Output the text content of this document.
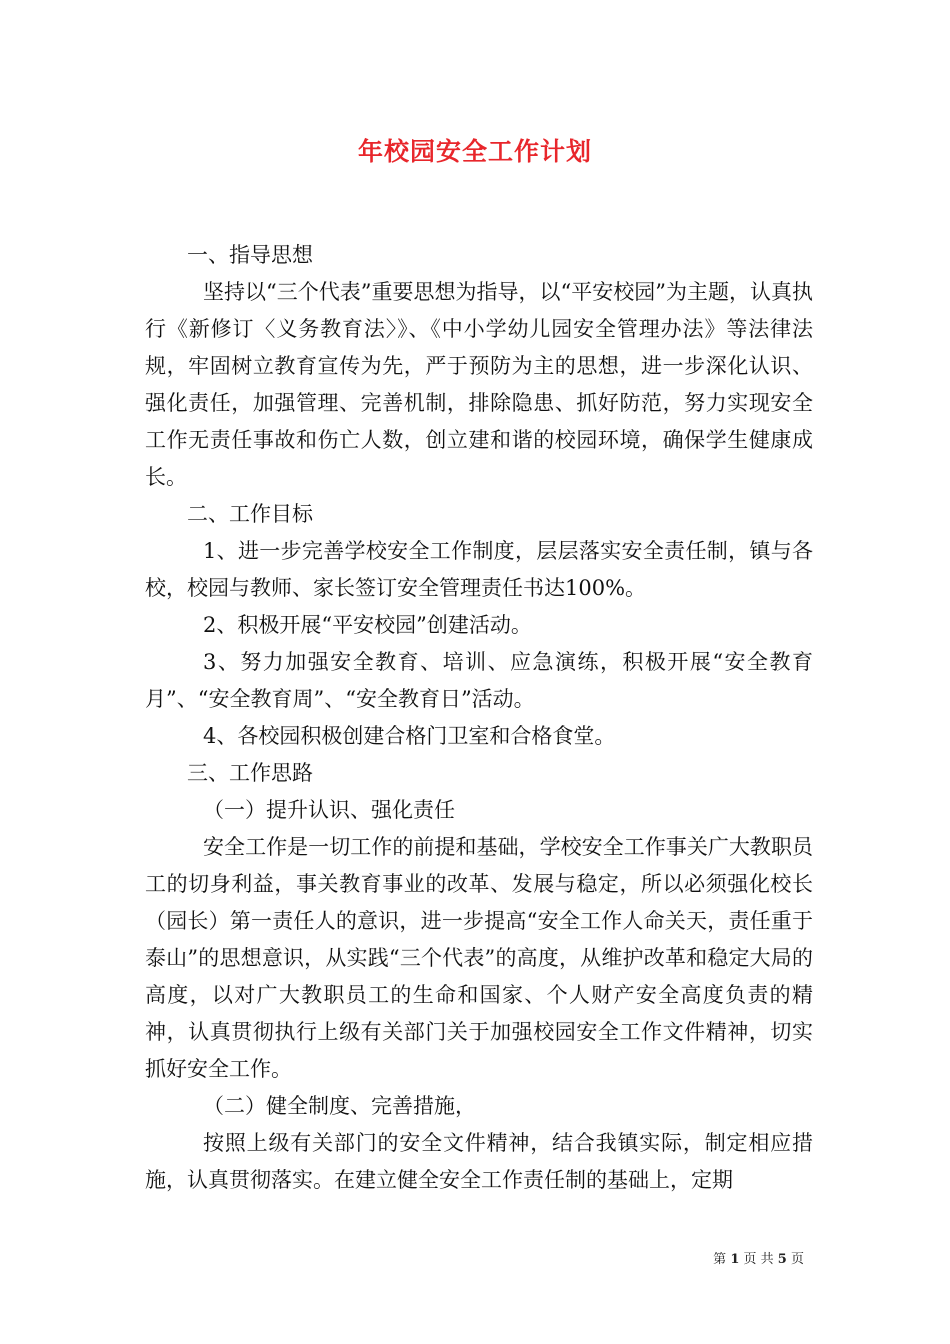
年校园安全工作计划

一、指导思想

坚持以“三个代表”重要思想为指导，以“平安校园”为主题，认真执行《新修订〈义务教育法〉》、《中小学幼儿园安全管理办法》等法律法规，牢固树立教育宣传为先，严于预防为主的思想，进一步深化认识、强化责任，加强管理、完善机制，排除隐患、抓好防范，努力实现安全工作无责任事故和伤亡人数，创立建和谐的校园环境，确保学生健康成长。

二、工作目标

1、进一步完善学校安全工作制度，层层落实安全责任制，镇与各校，校园与教师、家长签订安全管理责任书达100%。

2、积极开展“平安校园”创建活动。

3、努力加强安全教育、培训、应急演练，积极开展“安全教育月”、“安全教育周”、“安全教育日”活动。

4、各校园积极创建合格门卫室和合格食堂。

三、工作思路

（一）提升认识、强化责任

安全工作是一切工作的前提和基础，学校安全工作事关广大教职员工的切身利益，事关教育事业的改革、发展与稳定，所以必须强化校长（园长）第一责任人的意识，进一步提高“安全工作人命关天，责任重于泰山”的思想意识，从实践“三个代表”的高度，从维护改革和稳定大局的高度，以对广大教职员工的生命和国家、个人财产安全高度负责的精神，认真贯彻执行上级有关部门关于加强校园安全工作文件精神，切实抓好安全工作。

（二）健全制度、完善措施，

按照上级有关部门的安全文件精神，结合我镇实际，制定相应措施，认真贯彻落实。在建立健全安全工作责任制的基础上，定期

第 1 页 共 5 页
